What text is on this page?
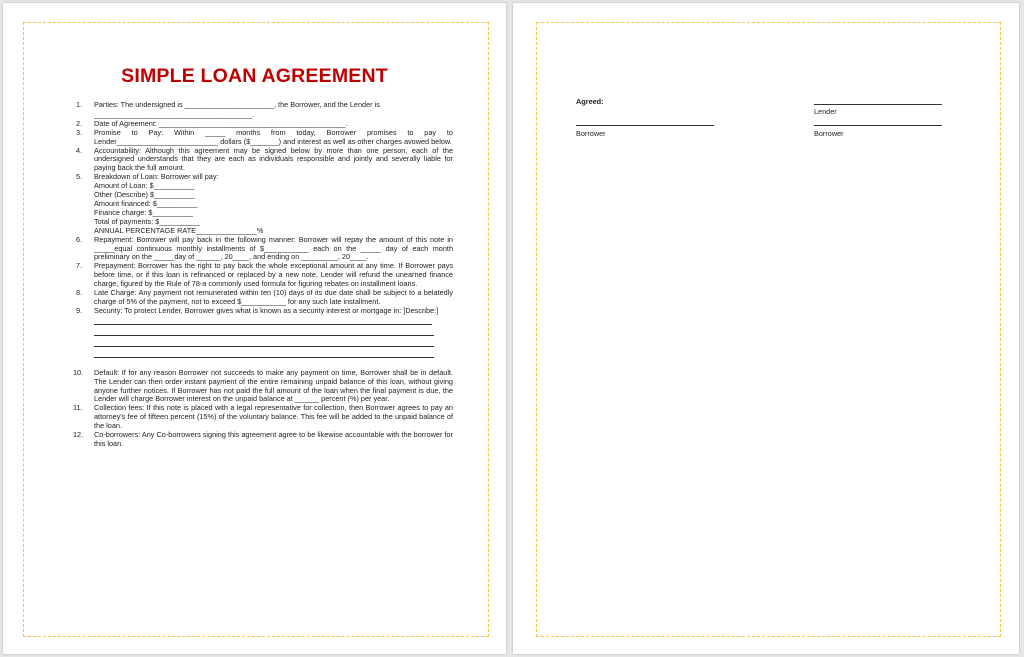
SIMPLE LOAN AGREEMENT
1. Parties: The undersigned is ______________________, the Borrower, and the Lender is
_______________________________________.
2. Date of Agreement: ______________________________________________.
3. Promise to Pay: Within _____ months from today, Borrower promises to pay to Lender_________________________ dollars ($_______) and interest as well as other charges avowed below.
4. Accountability: Although this agreement may be signed below by more than one person, each of the undersigned understands that they are each as individuals responsible and jointly and severally liable for paying back the full amount.
5. Breakdown of Loan: Borrower will pay:
Amount of Loan: $__________
Other (Describe) $__________
Amount financed: $__________
Finance charge: $__________
Total of payments: $__________
ANNUAL PERCENTAGE RATE_______________%
6. Repayment: Borrower will pay back in the following manner: Borrower will repay the amount of this note in _____equal continuous monthly installments of $___________ each on the _____ day of each month preliminary on the _____day of ______, 20____, and ending on _________, 20____.
7. Prepayment: Borrower has the right to pay back the whole exceptional amount at any time. If Borrower pays before time, or if this loan is refinanced or replaced by a new note, Lender will refund the unearned finance charge, figured by the Rule of 78-a commonly used formula for figuring rebates on installment loans.
8. Late Charge: Any payment not remunerated within ten (10) days of its due date shall be subject to a belatedly charge of 5% of the payment, not to exceed $___________ for any such late installment.
9. Security: To protect Lender, Borrower gives what is known as a security interest or mortgage in: [Describe:]
10. Default: If for any reason Borrower not succeeds to make any payment on time, Borrower shall be in default. The Lender can then order instant payment of the entire remaining unpaid balance of this loan, without giving anyone further notices. If Borrower has not paid the full amount of the loan when the final payment is due, the Lender will charge Borrower interest on the unpaid balance at ______ percent (%) per year.
11. Collection fees: If this note is placed with a legal representative for collection, then Borrower agrees to pay an attorney's fee of fifteen percent (15%) of the voluntary balance. This fee will be added to the unpaid balance of the loan.
12. Co-borrowers: Any Co-borrowers signing this agreement agree to be likewise accountable with the borrower for this loan.
Agreed:
Borrower
Lender
Borrower
